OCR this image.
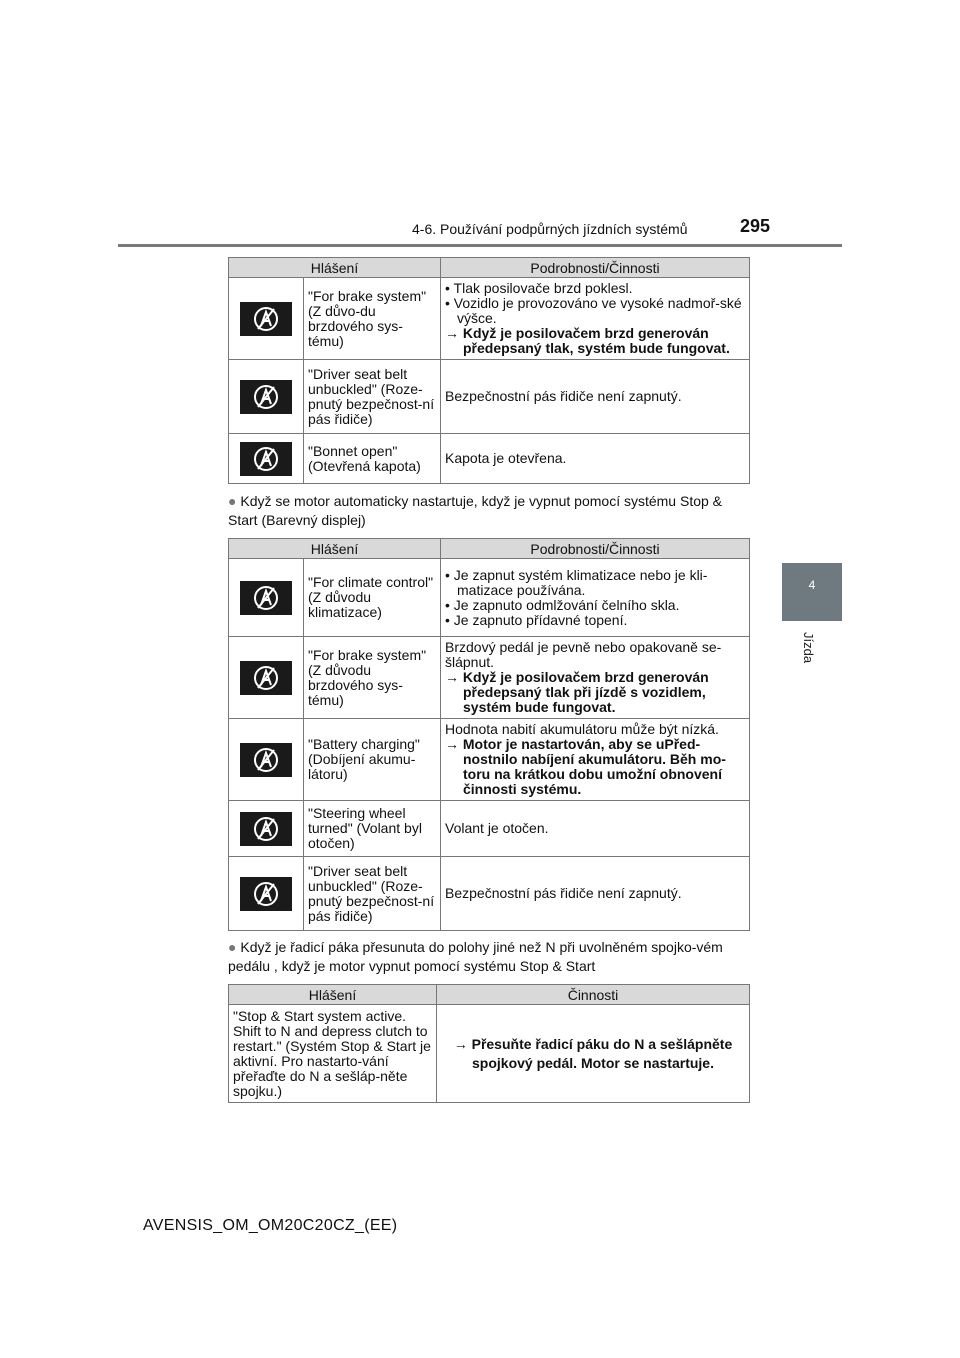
4-6. Používání podpůrných jízdních systémů	295
4
Jízda
Hlášení		Podrobnosti/Činnosti

	"For brake system" (Z důvo-du brzdového sys-tému)	• Tlak posilovače brzd poklesl.
• Vozidlo je provozováno ve vysoké nadmoř-ské výšce.
→ Když je posilovačem brzd generován předepsaný tlak, systém bude fungovat.

	"Driver seat belt unbuckled" (Roze-pnutý bezpečnost-ní pás řidiče)	Bezpečnostní pás řidiče není zapnutý.

	"Bonnet open" (Otevřená kapota)	Kapota je otevřena.
● Když se motor automaticky nastartuje, když je vypnut pomocí systému Stop & Start (Barevný displej)
Hlášení		Podrobnosti/Činnosti

	"For climate control" (Z důvodu klimatizace)	• Je zapnut systém klimatizace nebo je kli-matizace používána.
• Je zapnuto odmlžování čelního skla.
• Je zapnuto přídavné topení.

	"For brake system" (Z důvodu brzdového sys-tému)	Brzdový pedál je pevně nebo opakovaně se-šlápnut.
→ Když je posilovačem brzd generován předepsaný tlak při jízdě s vozidlem, systém bude fungovat.

	"Battery charging" (Dobíjení akumu-látoru)	Hodnota nabití akumulátoru může být nízká.
→ Motor je nastartován, aby se uPřed-nostnilo nabíjení akumulátoru. Běh mo-toru na krátkou dobu umožní obnovení činnosti systému.

	"Steering wheel turned" (Volant byl otočen)	Volant je otočen.

	"Driver seat belt unbuckled" (Roze-pnutý bezpečnost-ní pás řidiče)	Bezpečnostní pás řidiče není zapnutý.
● Když je řadicí páka přesunuta do polohy jiné než N při uvolněném spojko-vém pedálu , když je motor vypnut pomocí systému Stop & Start
Hlášení	Činnosti
"Stop & Start system active. Shift to N and depress clutch to restart." (Systém Stop & Start je aktivní. Pro nastarto-vání přeřaďte do N a sešláp-něte spojku.)	→ Přesuňte řadicí páku do N a sešlápněte spojkový pedál. Motor se nastartuje.
AVENSIS_OM_OM20C20CZ_(EE)
